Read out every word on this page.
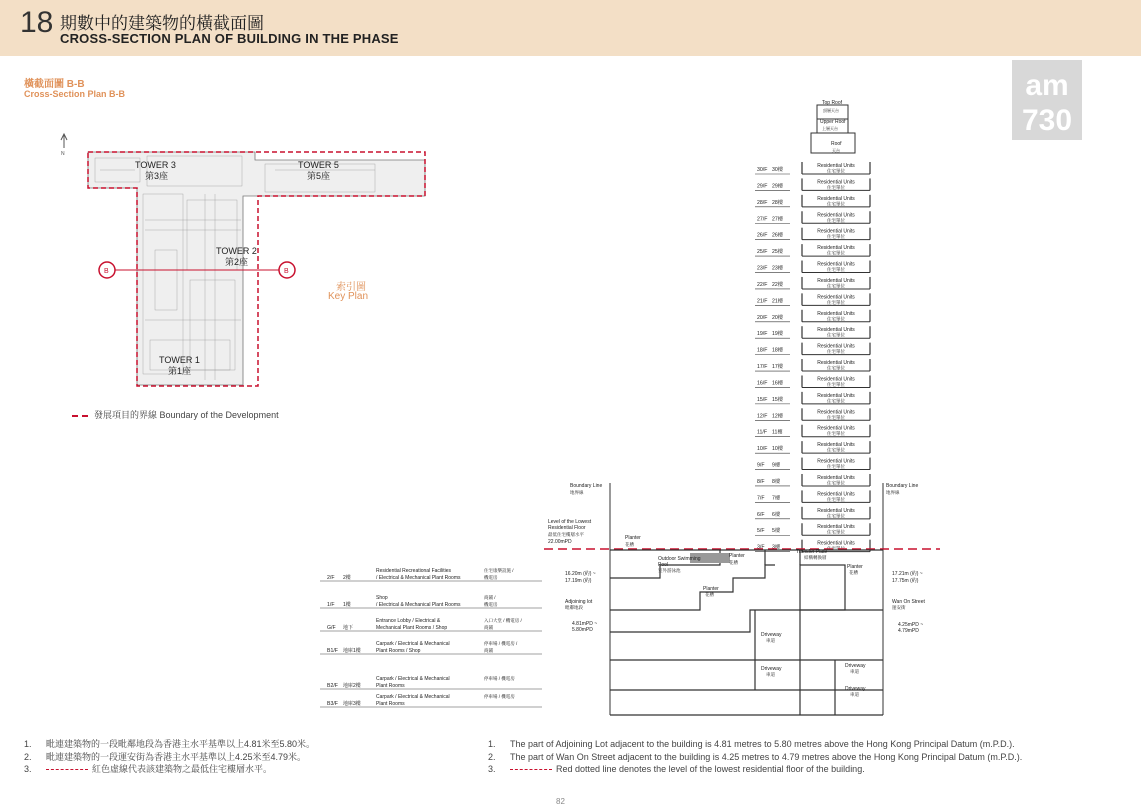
18 期數中的建築物的橫截面圖
CROSS-SECTION PLAN OF BUILDING IN THE PHASE
橫截面圖 B-B
Cross-Section Plan B-B
N
B	B
TOWER 3
第3座
TOWER 5
第5座
TOWER 2
第2座
TOWER 1
第1座
索引圖
Key Plan
發展項目的界線 Boundary of the Development
am
730
Top Roof
頂層天台
Upper Roof
上層天台
Roof
天台
30/F 30樓
Residential Units
住宅單位
29/F 29樓
Residential Units
住宅單位
28/F 28樓
Residential Units
住宅單位
27/F 27樓
Residential Units
住宅單位
26/F 26樓
Residential Units
住宅單位
25/F 25樓
Residential Units
住宅單位
23/F 23樓
Residential Units
住宅單位
22/F 22樓
Residential Units
住宅單位
21/F 21樓
Residential Units
住宅單位
20/F 20樓
Residential Units
住宅單位
19/F 19樓
Residential Units
住宅單位
18/F 18樓
Residential Units
住宅單位
17/F 17樓
Residential Units
住宅單位
16/F 16樓
Residential Units
住宅單位
15/F 15樓
Residential Units
住宅單位
12/F 12樓
Residential Units
住宅單位
11/F 11樓
Residential Units
住宅單位
10/F 10樓
Residential Units
住宅單位
9/F 9樓
Residential Units
住宅單位
8/F 8樓
Residential Units
住宅單位
7/F 7樓
Residential Units
住宅單位
6/F 6樓
Residential Units
住宅單位
5/F 5樓
Residential Units
住宅單位
3/F 3樓
Residential Units
住宅單位
Boundary Line
地界線
Boundary Line
地界線
Level of the Lowest
Residential Floor
最低住宅樓層水平
22.00mPD
Planter
花槽
Outdoor Swimming
Pool
室外游泳池
Planter
花槽
Planter
花槽
Planter
花槽
Transfer Plate
結構轉換層
Driveway
車道
Driveway
車道
Driveway
車道
Driveway
車道
16.20m (約) ~
17.19m (約)
Adjoining lot
毗鄰地段
4.81mPD ~
5.80mPD
17.21m (約) ~
17.75m (約)
Wan On Street
運安街
4.25mPD ~
4.79mPD
2/F 2樓
Residential Recreational Facilities
/ Electrical & Mechanical Plant Rooms
住宅康樂設施 /
機電房
1/F 1樓
Shop
/ Electrical & Mechanical Plant Rooms
商鋪 /
機電房
G/F 地下
Entrance Lobby / Electrical &
Mechanical Plant Rooms / Shop
入口大堂 / 機電房 /
商鋪
B1/F 地庫1樓
Carpark / Electrical & Mechanical
Plant Rooms / Shop
停車場 / 機電房 /
商鋪
B2/F 地庫2樓
Carpark / Electrical & Mechanical
Plant Rooms
停車場 / 機電房
B3/F 地庫3樓
Carpark / Electrical & Mechanical
Plant Rooms
停車場 / 機電房
1. 毗連建築物的一段毗鄰地段為香港主水平基準以上4.81米至5.80米。
2. 毗連建築物的一段運安街為香港主水平基準以上4.25米至4.79米。
3.	紅色虛線代表該建築物之最低住宅樓層水平。
1. The part of Adjoining Lot adjacent to the building is 4.81 metres to 5.80 metres above the Hong Kong Principal Datum (m.P.D.).
2. The part of Wan On Street adjacent to the building is 4.25 metres to 4.79 metres above the Hong Kong Principal Datum (m.P.D.).
3.	Red dotted line denotes the level of the lowest residential floor of the building.
82
